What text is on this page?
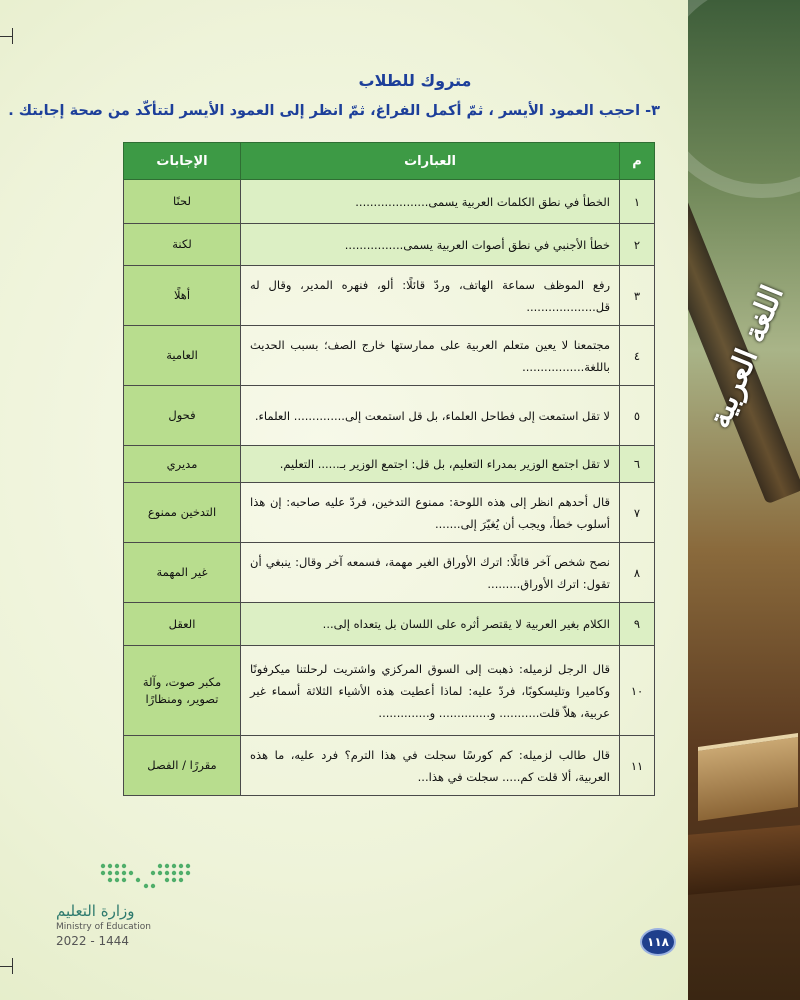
اللغة العربية
متروك للطلاب
٣- احجب العمود الأيسر ، ثمّ أكمل الفراغ، ثمّ انظر إلى العمود الأيسر لتتأكّد من صحة إجابتك .
م	العبارات	الإجابات
١	الخطأ في نطق الكلمات العربية يسمى....................	لحنًا
٢	خطأ الأجنبي في نطق أصوات العربية يسمى................	لكنة
٣	رفع الموظف سماعة الهاتف، وردّ قائلًا: ألو، فنهره المدير، وقال له قل...................	أهلًا
٤	مجتمعنا لا يعين متعلم العربية على ممارستها خارج الصف؛ بسبب الحديث باللغة.................	العامية
٥	لا تقل استمعت إلى فطاحل العلماء، بل قل استمعت إلى.............. العلماء.	فحول
٦	لا تقل اجتمع الوزير بمدراء التعليم، بل قل: اجتمع الوزير بـ...... التعليم.	مديري
٧	قال أحدهم انظر إلى هذه اللوحة: ممنوع التدخين، فردّ عليه صاحبه: إن هذا أسلوب خطأ، ويجب أن يُغيّرَ إلى.......	التدخين ممنوع
٨	نصح شخص آخر قائلًا: اترك الأوراق الغير مهمة، فسمعه آخر وقال: ينبغي أن تقول: اترك الأوراق.........	غير المهمة
٩	الكلام بغير العربية لا يقتصر أثره على اللسان بل يتعداه إلى...	العقل
١٠	قال الرجل لزميله: ذهبت إلى السوق المركزي واشتريت لرحلتنا ميكرفونًا وكاميرا وتليسكوبًا، فردّ عليه: لماذا أعطيت هذه الأشياء الثلاثة أسماء غير عربية، هلاّ قلت........... و.............. و..............	مكبر صوت، وآلة تصوير، ومنظارًا
١١	قال طالب لزميله: كم كورسًا سجلت في هذا الترم؟ فرد عليه، ما هذه العربية، ألا قلت كم..... سجلت في هذا...	مقررًا / الفصل
وزارة التعليم
Ministry of Education
2022 - 1444	١١٨
